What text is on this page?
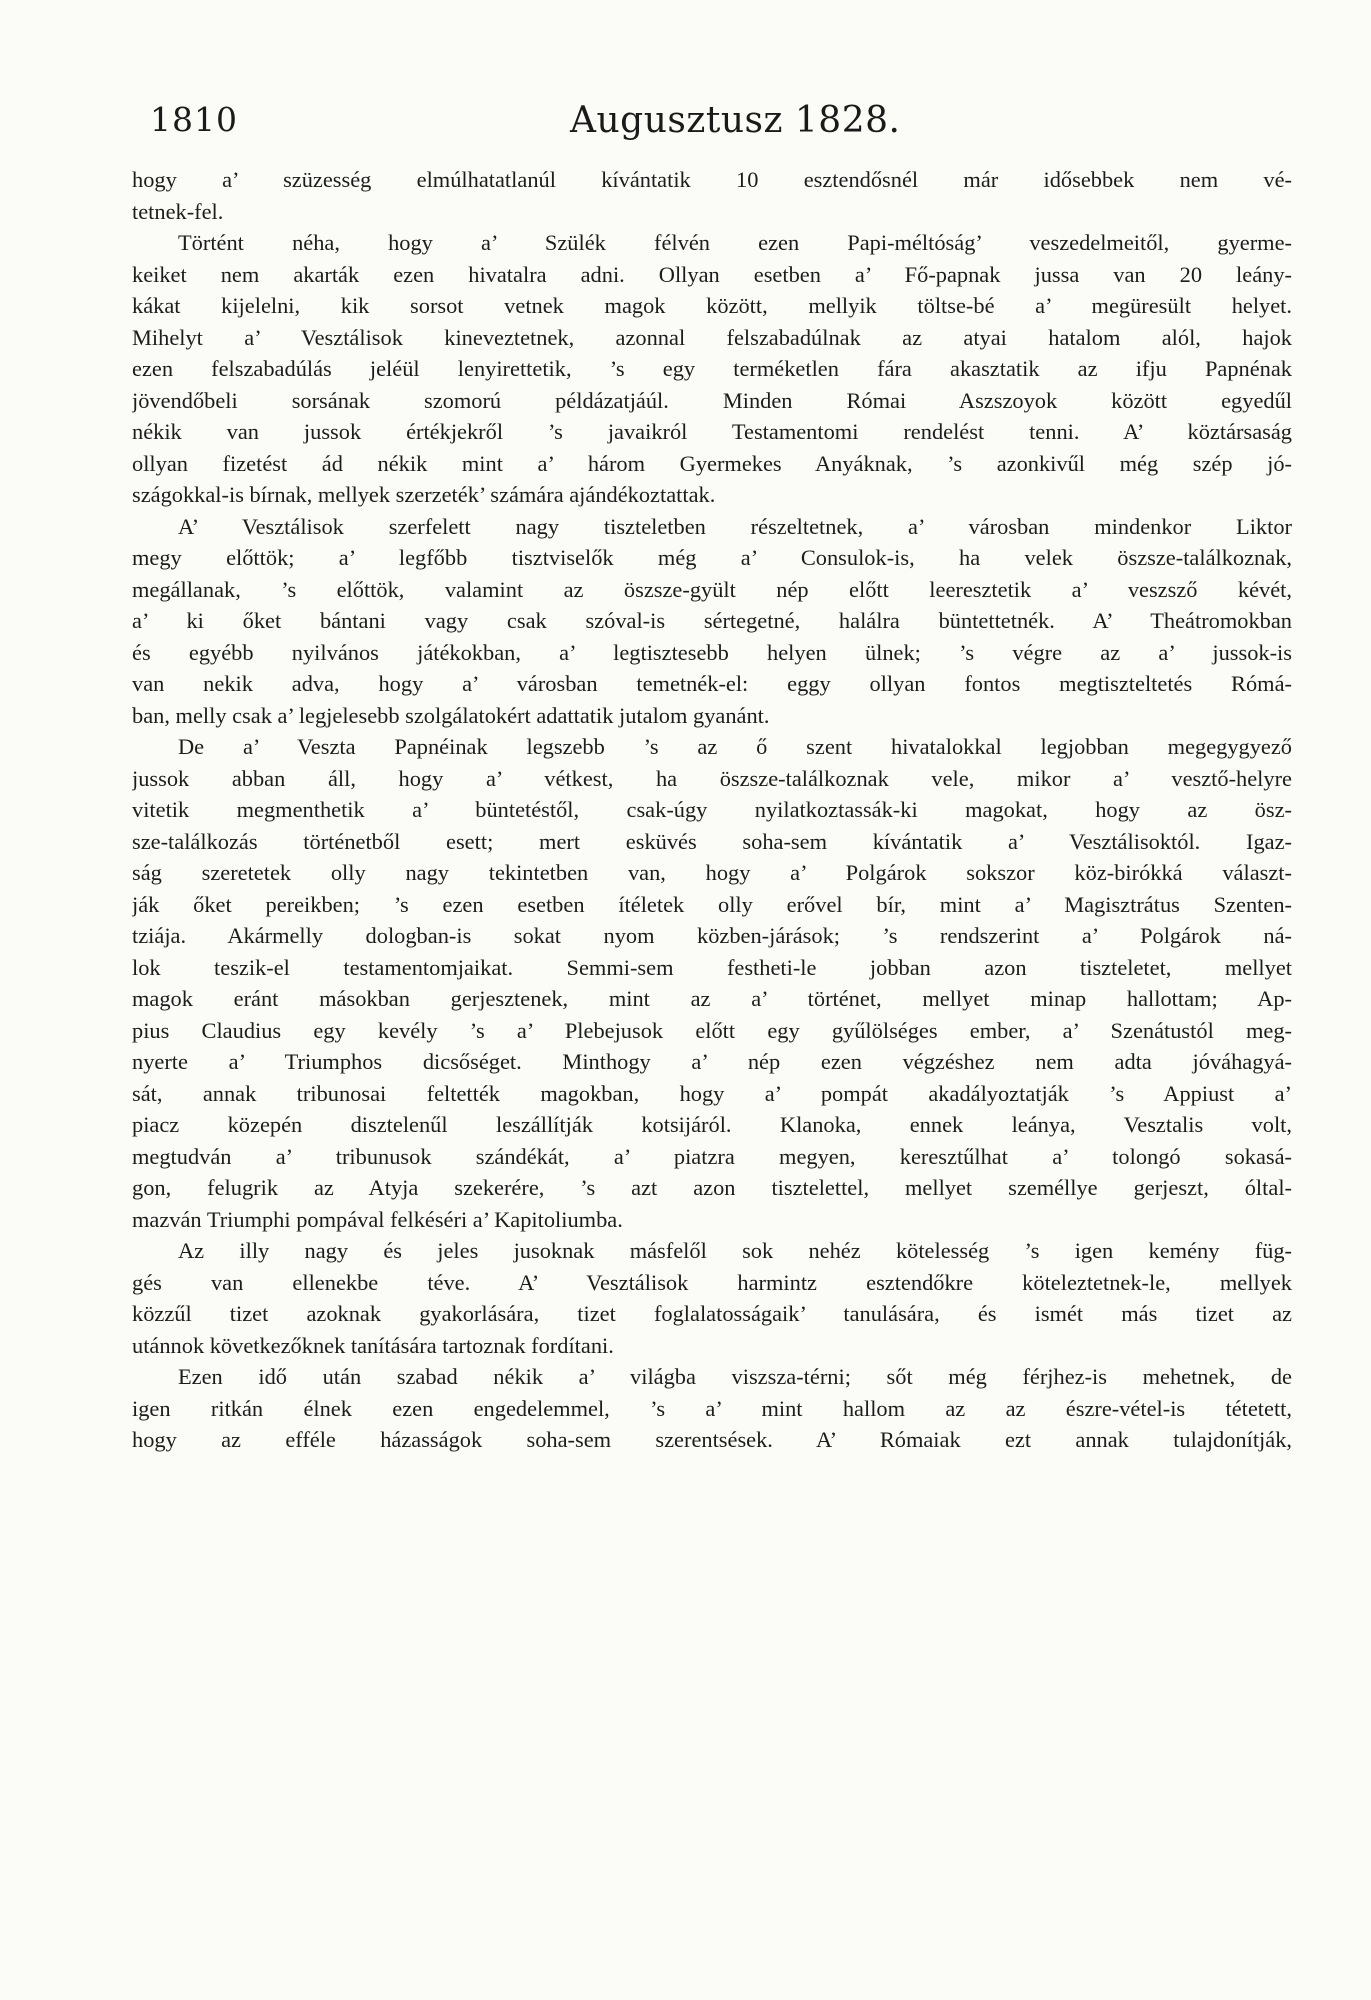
1810	Augusztusz 1828.
hogy a’ szüzesség elmúlhatatlanúl kívántatik 10 esztendősnél már idősebbek nem vé-
tetnek-fel.
Történt néha, hogy a’ Szülék félvén ezen Papi-méltóság’ veszedelmeitől, gyerme-
keiket nem akarták ezen hivatalra adni. Ollyan esetben a’ Fő-papnak jussa van 20 leány-
kákat kijelelni, kik sorsot vetnek magok között, mellyik töltse-bé a’ megüresült helyet.
Mihelyt a’ Vesztálisok kineveztetnek, azonnal felszabadúlnak az atyai hatalom alól, hajok
ezen felszabadúlás jeléül lenyirettetik, ’s egy terméketlen fára akasztatik az ifju Papnénak
jövendőbeli sorsának szomorú példázatjáúl. Minden Római Aszszoyok között egyedűl
nékik van jussok értékjekről ’s javaikról Testamentomi rendelést tenni. A’ köztársaság
ollyan fizetést ád nékik mint a’ három Gyermekes Anyáknak, ’s azonkivűl még szép jó-
szágokkal-is bírnak, mellyek szerzeték’ számára ajándékoztattak.
A’ Vesztálisok szerfelett nagy tiszteletben részeltetnek, a’ városban mindenkor Liktor
megy előttök; a’ legfőbb tisztviselők még a’ Consulok-is, ha velek öszsze-találkoznak,
megállanak, ’s előttök, valamint az öszsze-gyült nép előtt leeresztetik a’ veszsző kévét,
a’ ki őket bántani vagy csak szóval-is sértegetné, halálra büntettetnék. A’ Theátromokban
és egyébb nyilvános játékokban, a’ legtisztesebb helyen ülnek; ’s végre az a’ jussok-is
van nekik adva, hogy a’ városban temetnék-el: eggy ollyan fontos megtiszteltetés Rómá-
ban, melly csak a’ legjelesebb szolgálatokért adattatik jutalom gyanánt.
De a’ Veszta Papnéinak legszebb ’s az ő szent hivatalokkal legjobban megegygyező
jussok abban áll, hogy a’ vétkest, ha öszsze-találkoznak vele, mikor a’ vesztő-helyre
vitetik megmenthetik a’ büntetéstől, csak-úgy nyilatkoztassák-ki magokat, hogy az ösz-
sze-találkozás történetből esett; mert esküvés soha-sem kívántatik a’ Vesztálisoktól. Igaz-
ság szeretetek olly nagy tekintetben van, hogy a’ Polgárok sokszor köz-birókká választ-
ják őket pereikben; ’s ezen esetben ítéletek olly erővel bír, mint a’ Magisztrátus Szenten-
tziája. Akármelly dologban-is sokat nyom közben-járások; ’s rendszerint a’ Polgárok ná-
lok teszik-el testamentomjaikat. Semmi-sem festheti-le jobban azon tiszteletet, mellyet
magok eránt másokban gerjesztenek, mint az a’ történet, mellyet minap hallottam; Ap-
pius Claudius egy kevély ’s a’ Plebejusok előtt egy gyűlölséges ember, a’ Szenátustól meg-
nyerte a’ Triumphos dicsőséget. Minthogy a’ nép ezen végzéshez nem adta jóváhagyá-
sát, annak tribunosai feltették magokban, hogy a’ pompát akadályoztatják ’s Appiust a’
piacz közepén disztelenűl leszállítják kotsijáról. Klanoka, ennek leánya, Vesztalis volt,
megtudván a’ tribunusok szándékát, a’ piatzra megyen, keresztűlhat a’ tolongó sokasá-
gon, felugrik az Atyja szekerére, ’s azt azon tisztelettel, mellyet személlye gerjeszt, óltal-
mazván Triumphi pompával felkéséri a’ Kapitoliumba.
Az illy nagy és jeles jusoknak másfelől sok nehéz kötelesség ’s igen kemény füg-
gés van ellenekbe téve. A’ Vesztálisok harmintz esztendőkre köteleztetnek-le, mellyek
közzűl tizet azoknak gyakorlására, tizet foglalatosságaik’ tanulására, és ismét más tizet az
utánnok következőknek tanítására tartoznak fordítani.
Ezen idő után szabad nékik a’ világba viszsza-térni; sőt még férjhez-is mehetnek, de
igen ritkán élnek ezen engedelemmel, ’s a’ mint hallom az az észre-vétel-is tétetett,
hogy az efféle házasságok soha-sem szerentsések. A’ Rómaiak ezt annak tulajdonítják,
